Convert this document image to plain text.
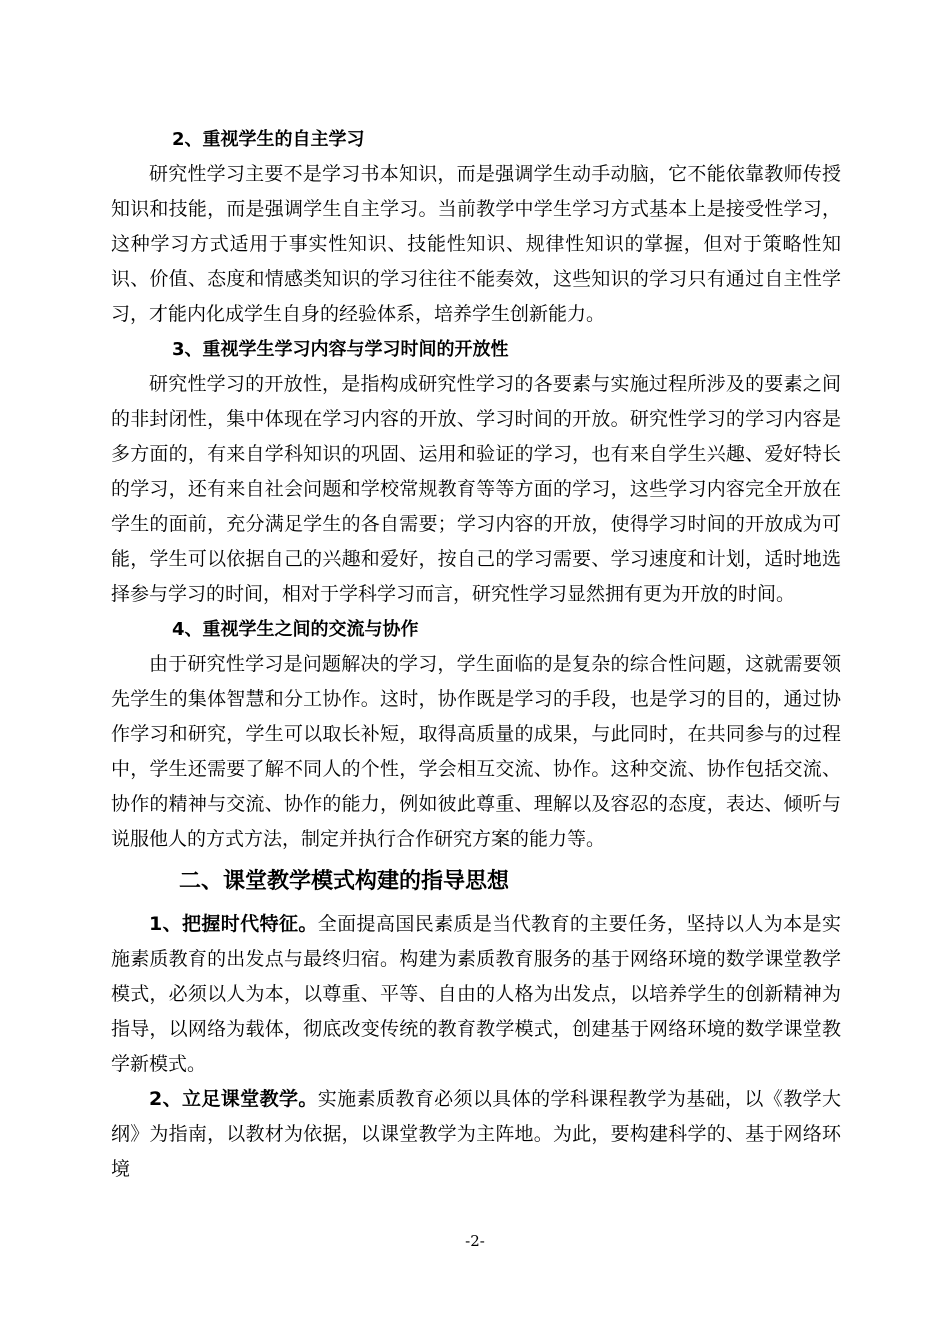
2、重视学生的自主学习

研究性学习主要不是学习书本知识，而是强调学生动手动脑，它不能依靠教师传授知识和技能，而是强调学生自主学习。当前教学中学生学习方式基本上是接受性学习，这种学习方式适用于事实性知识、技能性知识、规律性知识的掌握，但对于策略性知识、价值、态度和情感类知识的学习往往不能奏效，这些知识的学习只有通过自主性学习，才能内化成学生自身的经验体系，培养学生创新能力。

3、重视学生学习内容与学习时间的开放性

研究性学习的开放性，是指构成研究性学习的各要素与实施过程所涉及的要素之间的非封闭性，集中体现在学习内容的开放、学习时间的开放。研究性学习的学习内容是多方面的，有来自学科知识的巩固、运用和验证的学习，也有来自学生兴趣、爱好特长的学习，还有来自社会问题和学校常规教育等等方面的学习，这些学习内容完全开放在学生的面前，充分满足学生的各自需要；学习内容的开放，使得学习时间的开放成为可能，学生可以依据自己的兴趣和爱好，按自己的学习需要、学习速度和计划，适时地选择参与学习的时间，相对于学科学习而言，研究性学习显然拥有更为开放的时间。

4、重视学生之间的交流与协作

由于研究性学习是问题解决的学习，学生面临的是复杂的综合性问题，这就需要领先学生的集体智慧和分工协作。这时，协作既是学习的手段，也是学习的目的，通过协作学习和研究，学生可以取长补短，取得高质量的成果，与此同时，在共同参与的过程中，学生还需要了解不同人的个性，学会相互交流、协作。这种交流、协作包括交流、协作的精神与交流、协作的能力，例如彼此尊重、理解以及容忍的态度，表达、倾听与说服他人的方式方法，制定并执行合作研究方案的能力等。

二、课堂教学模式构建的指导思想

1、把握时代特征。全面提高国民素质是当代教育的主要任务，坚持以人为本是实施素质教育的出发点与最终归宿。构建为素质教育服务的基于网络环境的数学课堂教学模式，必须以人为本，以尊重、平等、自由的人格为出发点，以培养学生的创新精神为指导，以网络为载体，彻底改变传统的教育教学模式，创建基于网络环境的数学课堂教学新模式。

2、立足课堂教学。实施素质教育必须以具体的学科课程教学为基础，以《教学大纲》为指南，以教材为依据，以课堂教学为主阵地。为此，要构建科学的、基于网络环境

-2-
